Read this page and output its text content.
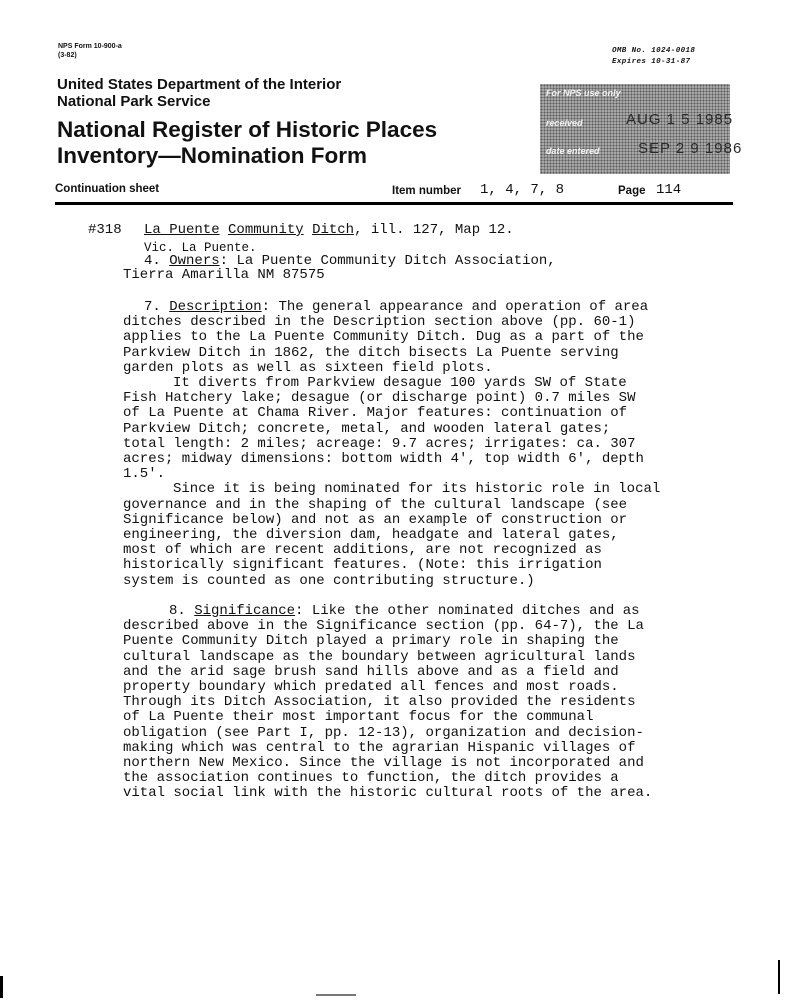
NPS Form 10-900-a
(3-82)
OMB No. 1024-0018
Expires 10-31-87
United States Department of the Interior
National Park Service
National Register of Historic Places
Inventory—Nomination Form
For NPS use only
received	AUG 1 5 1985
date entered	SEP 2 9 1986
Continuation sheet	Item number 1, 4, 7, 8	Page 114
#318 La Puente Community Ditch, ill. 127, Map 12.
Vic. La Puente.
4. Owners: La Puente Community Ditch Association,
Tierra Amarilla NM 87575
7. Description: The general appearance and operation of area
ditches described in the Description section above (pp. 60-1)
applies to the La Puente Community Ditch. Dug as a part of the
Parkview Ditch in 1862, the ditch bisects La Puente serving
garden plots as well as sixteen field plots.
It diverts from Parkview desague 100 yards SW of State
Fish Hatchery lake; desague (or discharge point) 0.7 miles SW
of La Puente at Chama River. Major features: continuation of
Parkview Ditch; concrete, metal, and wooden lateral gates;
total length: 2 miles; acreage: 9.7 acres; irrigates: ca. 307
acres; midway dimensions: bottom width 4', top width 6', depth
1.5'.
Since it is being nominated for its historic role in local
governance and in the shaping of the cultural landscape (see
Significance below) and not as an example of construction or
engineering, the diversion dam, headgate and lateral gates,
most of which are recent additions, are not recognized as
historically significant features. (Note: this irrigation
system is counted as one contributing structure.)
8. Significance: Like the other nominated ditches and as
described above in the Significance section (pp. 64-7), the La
Puente Community Ditch played a primary role in shaping the
cultural landscape as the boundary between agricultural lands
and the arid sage brush sand hills above and as a field and
property boundary which predated all fences and most roads.
Through its Ditch Association, it also provided the residents
of La Puente their most important focus for the communal
obligation (see Part I, pp. 12-13), organization and decision-
making which was central to the agrarian Hispanic villages of
northern New Mexico. Since the village is not incorporated and
the association continues to function, the ditch provides a
vital social link with the historic cultural roots of the area.
